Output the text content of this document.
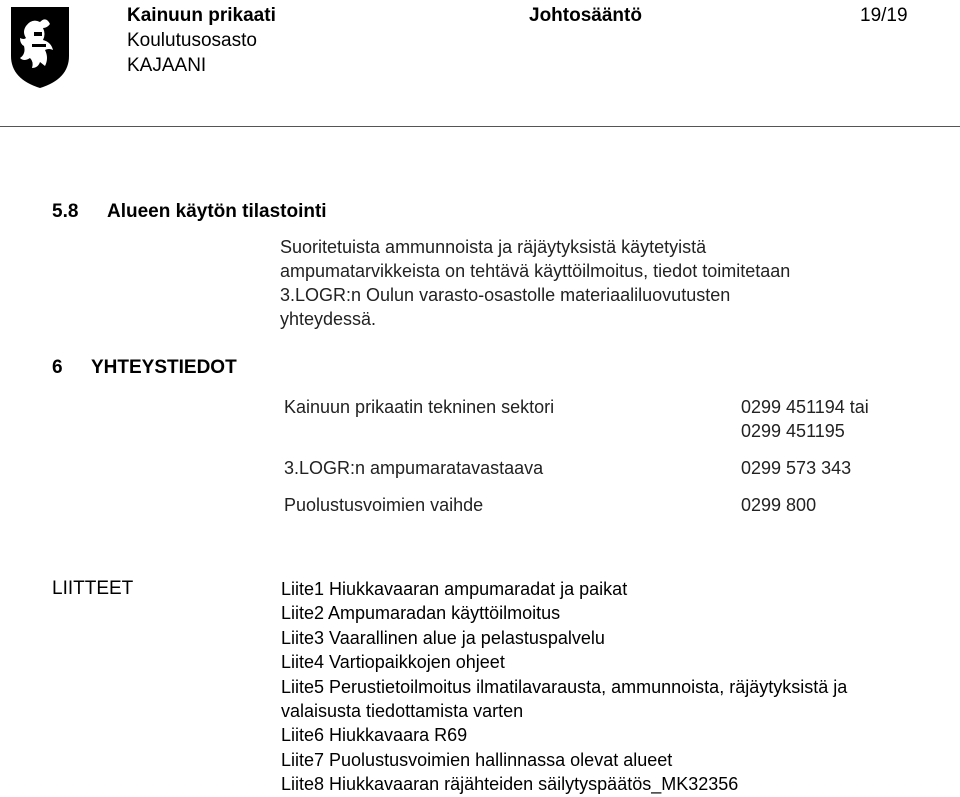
Kainuun prikaati
Koulutusosasto
KAJAANI
Johtosääntö	19/19
5.8 Alueen käytön tilastointi
Suoritetuista ammunnoista ja räjäytyksistä käytetyistä
ampumatarvikkeista on tehtävä käyttöilmoitus, tiedot toimitetaan
3.LOGR:n Oulun varasto-osastolle materiaaliluovutusten
yhteydessä.
6 YHTEYSTIEDOT
Kainuun prikaatin tekninen sektori	0299 451194 tai
0299 451195
3.LOGR:n ampumaratavastaava	0299 573 343
Puolustusvoimien vaihde	0299 800
LIITTEET	Liite1 Hiukkavaaran ampumaradat ja paikat
Liite2 Ampumaradan käyttöilmoitus
Liite3 Vaarallinen alue ja pelastuspalvelu
Liite4 Vartiopaikkojen ohjeet
Liite5 Perustietoilmoitus ilmatilavarausta, ammunnoista, räjäytyksistä ja
valaisusta tiedottamista varten
Liite6 Hiukkavaara R69
Liite7 Puolustusvoimien hallinnassa olevat alueet
Liite8 Hiukkavaaran räjähteiden säilytyspäätös_MK32356
